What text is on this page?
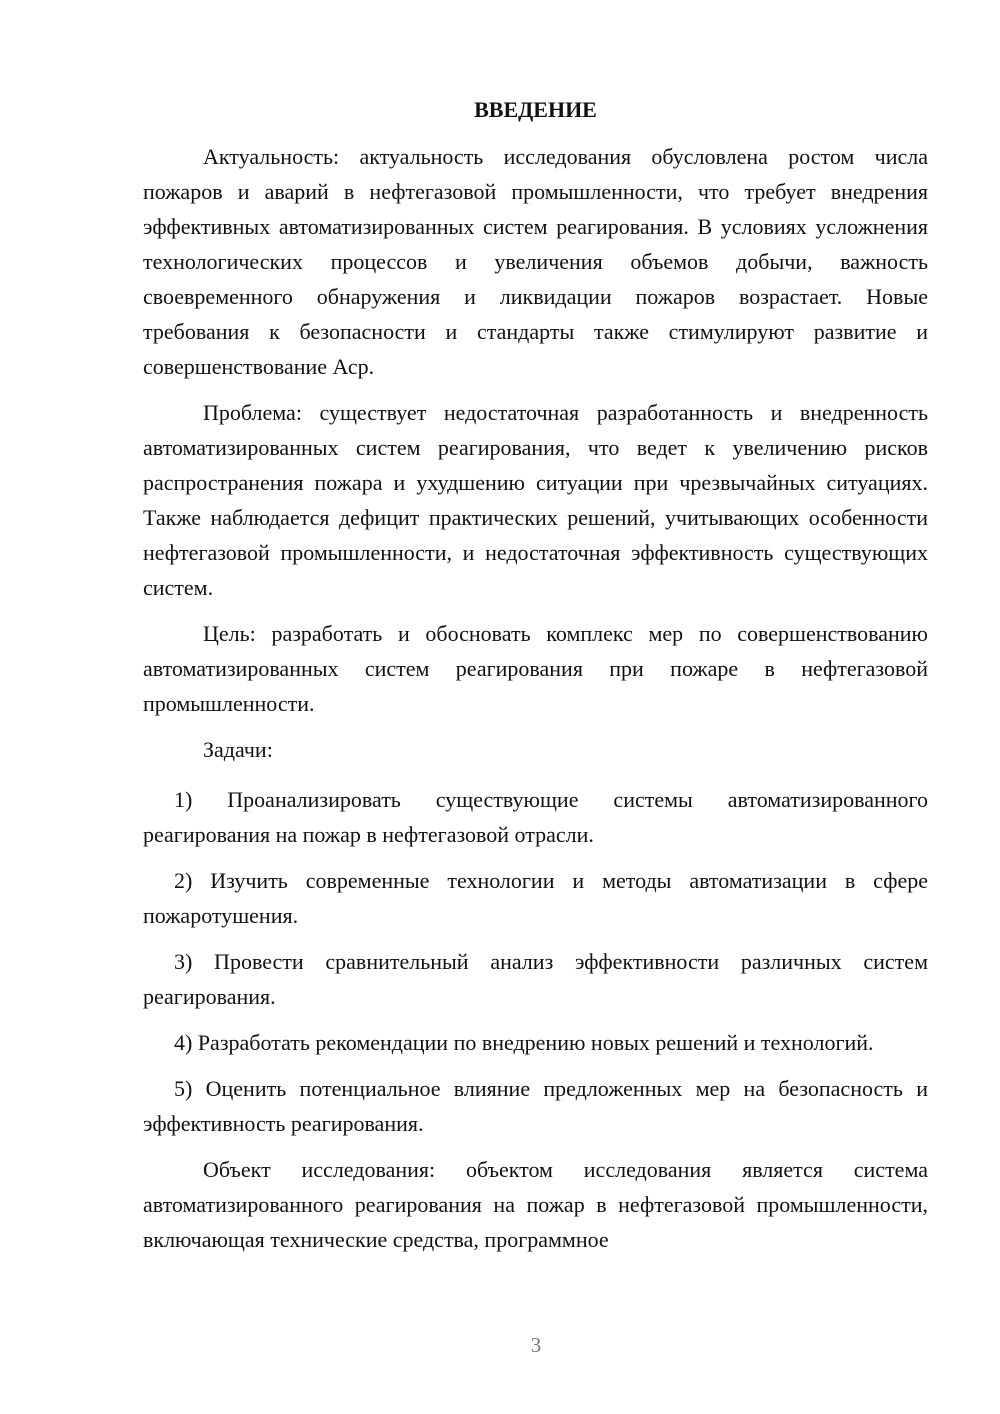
ВВЕДЕНИЕ

Актуальность: актуальность исследования обусловлена ростом числа пожаров и аварий в нефтегазовой промышленности, что требует внедрения эффективных автоматизированных систем реагирования. В условиях усложнения технологических процессов и увеличения объемов добычи, важность своевременного обнаружения и ликвидации пожаров возрастает. Новые требования к безопасности и стандарты также стимулируют развитие и совершенствование Аср.

Проблема: существует недостаточная разработанность и внедренность автоматизированных систем реагирования, что ведет к увеличению рисков распространения пожара и ухудшению ситуации при чрезвычайных ситуациях. Также наблюдается дефицит практических решений, учитывающих особенности нефтегазовой промышленности, и недостаточная эффективность существующих систем.

Цель: разработать и обосновать комплекс мер по совершенствованию автоматизированных систем реагирования при пожаре в нефтегазовой промышленности.

Задачи:

1) Проанализировать существующие системы автоматизированного реагирования на пожар в нефтегазовой отрасли.

2) Изучить современные технологии и методы автоматизации в сфере пожаротушения.

3) Провести сравнительный анализ эффективности различных систем реагирования.

4) Разработать рекомендации по внедрению новых решений и технологий.

5) Оценить потенциальное влияние предложенных мер на безопасность и эффективность реагирования.

Объект исследования: объектом исследования является система автоматизированного реагирования на пожар в нефтегазовой промышленности, включающая технические средства, программное

3
